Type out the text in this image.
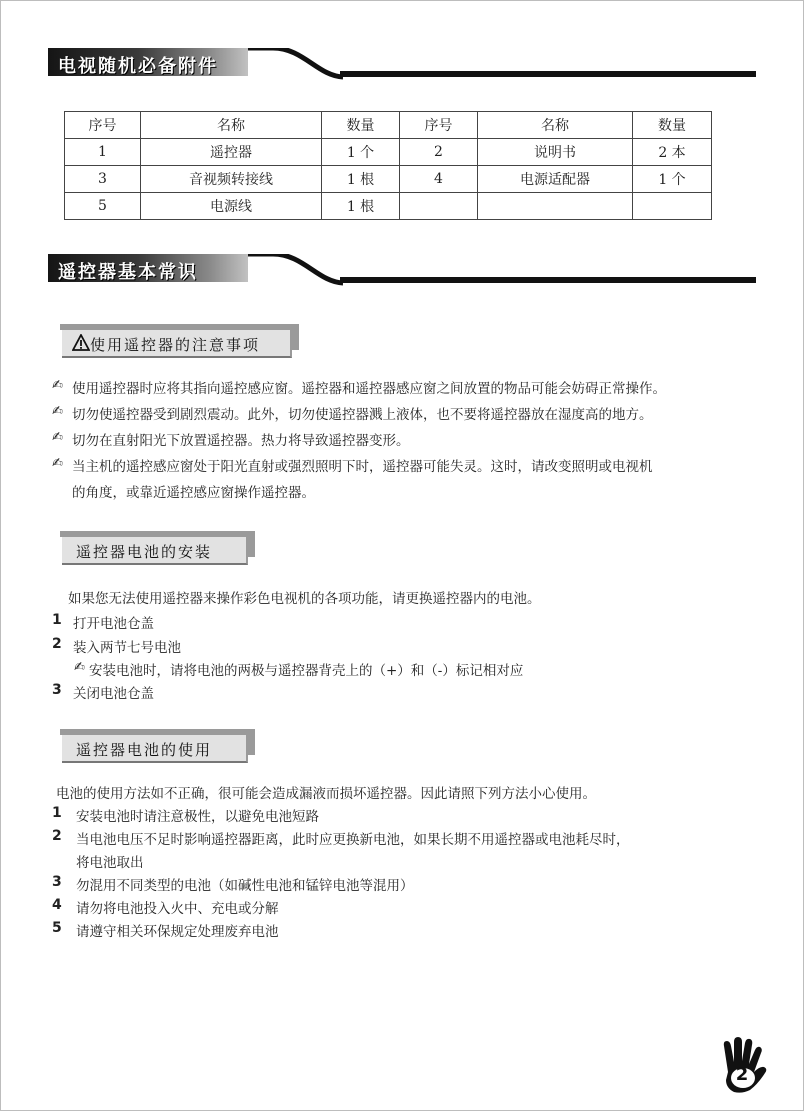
电视随机必备附件
序号	名称	数量	序号	名称	数量
1	遥控器	1 个	2	说明书	2 本
3	音视频转接线	1 根	4	电源适配器	1 个
5	电源线	1 根			
遥控器基本常识
使用遥控器的注意事项
✍ 使用遥控器时应将其指向遥控感应窗。遥控器和遥控器感应窗之间放置的物品可能会妨碍正常操作。
✍ 切勿使遥控器受到剧烈震动。此外，切勿使遥控器溅上液体，也不要将遥控器放在湿度高的地方。
✍ 切勿在直射阳光下放置遥控器。热力将导致遥控器变形。
✍ 当主机的遥控感应窗处于阳光直射或强烈照明下时，遥控器可能失灵。这时，请改变照明或电视机
的角度，或靠近遥控感应窗操作遥控器。
遥控器电池的安装
如果您无法使用遥控器来操作彩色电视机的各项功能，请更换遥控器内的电池。
1 打开电池仓盖
2 装入两节七号电池
✍ 安装电池时，请将电池的两极与遥控器背壳上的（+）和（-）标记相对应
3 关闭电池仓盖
遥控器电池的使用
电池的使用方法如不正确，很可能会造成漏液而损坏遥控器。因此请照下列方法小心使用。
1 安装电池时请注意极性，以避免电池短路
2 当电池电压不足时影响遥控器距离，此时应更换新电池，如果长期不用遥控器或电池耗尽时，
将电池取出
3 勿混用不同类型的电池（如碱性电池和锰锌电池等混用）
4 请勿将电池投入火中、充电或分解
5 请遵守相关环保规定处理废弃电池
2
